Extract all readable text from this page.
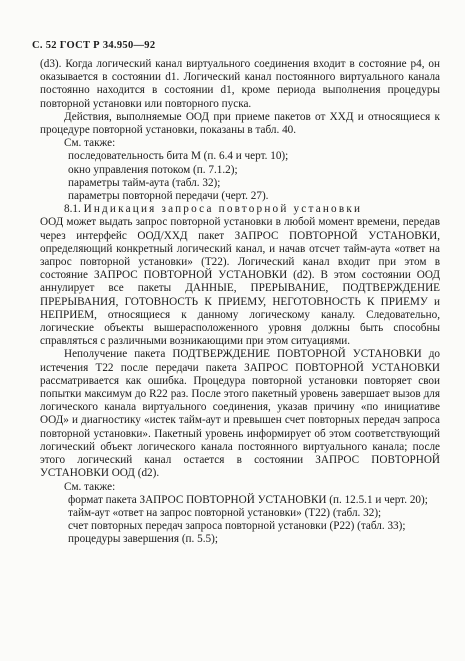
С. 52 ГОСТ Р 34.950—92

(d3). Когда логический канал виртуального соединения входит в состояние р4, он оказывается в состоянии d1. Логический канал постоянного виртуального канала постоянно находится в состоянии d1, кроме периода выполнения процедуры повторной установки или повторного пуска.

Действия, выполняемые ООД при приеме пакетов от ХХД и относящиеся к процедуре повторной установки, показаны в табл. 40.

См. также:

последовательность бита М (п. 6.4 и черт. 10);
окно управления потоком (п. 7.1.2);
параметры тайм-аута (табл. 32);
параметры повторной передачи (черт. 27).

8.1. Индикация запроса повторной установки

ООД может выдать запрос повторной установки в любой момент времени, передав через интерфейс ООД/ХХД пакет ЗАПРОС ПОВТОРНОЙ УСТАНОВКИ, определяющий конкретный логический канал, и начав отсчет тайм-аута «ответ на запрос повторной установки» (Т22). Логический канал входит при этом в состояние ЗАПРОС ПОВТОРНОЙ УСТАНОВКИ (d2). В этом состоянии ООД аннулирует все пакеты ДАННЫЕ, ПРЕРЫВАНИЕ, ПОДТВЕРЖДЕНИЕ ПРЕРЫВАНИЯ, ГОТОВНОСТЬ К ПРИЕМУ, НЕГОТОВНОСТЬ К ПРИЕМУ и НЕПРИЕМ, относящиеся к данному логическому каналу. Следовательно, логические объекты вышерасположенного уровня должны быть способны справляться с различными возникающими при этом ситуациями.

Неполучение пакета ПОДТВЕРЖДЕНИЕ ПОВТОРНОЙ УСТАНОВКИ до истечения Т22 после передачи пакета ЗАПРОС ПОВТОРНОЙ УСТАНОВКИ рассматривается как ошибка. Процедура повторной установки повторяет свои попытки максимум до R22 раз. После этого пакетный уровень завершает вызов для логического канала виртуального соединения, указав причину «по инициативе ООД» и диагностику «истек тайм-аут и превышен счет повторных передач запроса повторной установки». Пакетный уровень информирует об этом соответствующий логический объект логического канала постоянного виртуального канала; после этого логический канал остается в состоянии ЗАПРОС ПОВТОРНОЙ УСТАНОВКИ ООД (d2).

См. также:

формат пакета ЗАПРОС ПОВТОРНОЙ УСТАНОВКИ (п. 12.5.1 и черт. 20);
тайм-аут «ответ на запрос повторной установки» (Т22) (табл. 32);
счет повторных передач запроса повторной установки (Р22) (табл. 33);
процедуры завершения (п. 5.5);
